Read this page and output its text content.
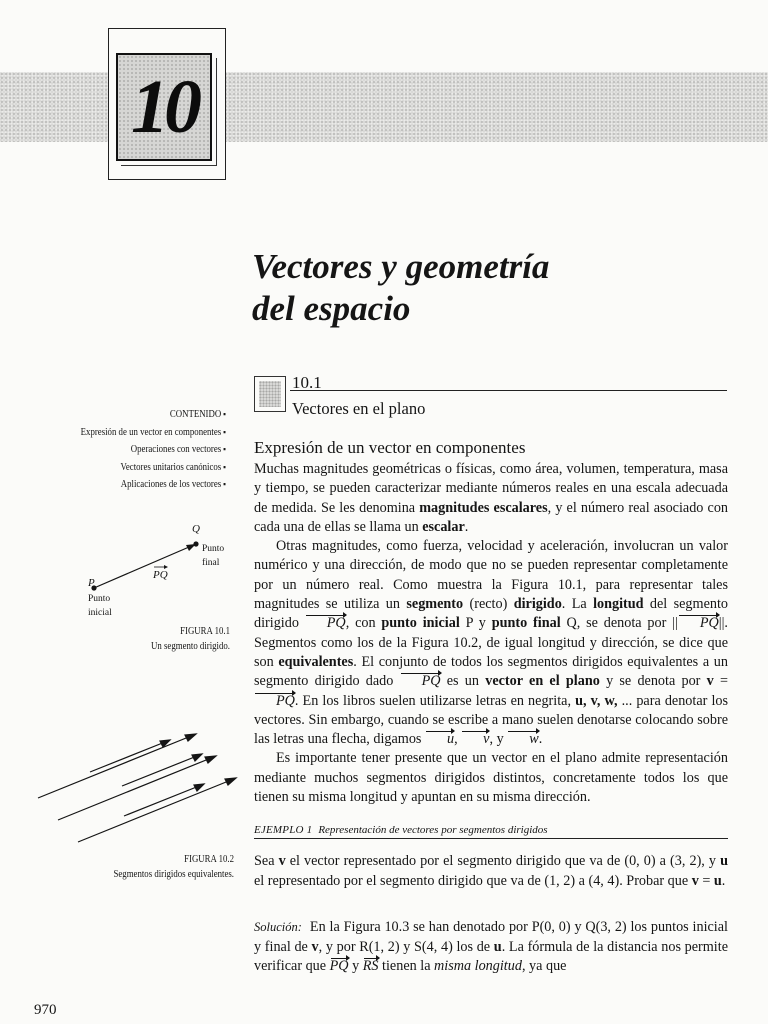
10
Vectores y geometría
del espacio
10.1
Vectores en el plano
Expresión de un vector en componentes
CONTENIDO ▪
Expresión de un vector en componentes ▪
Operaciones con vectores ▪
Vectores unitarios canónicos ▪
Aplicaciones de los vectores ▪
Q
P
PQ
Punto
final
Punto
inicial
FIGURA 10.1
Un segmento dirigido.
FIGURA 10.2
Segmentos dirigidos equivalentes.

Muchas magnitudes geométricas o físicas, como área, volumen, temperatura, masa y tiempo, se pueden caracterizar mediante números reales en una escala adecuada de medida. Se les denomina magnitudes escalares, y el número real asociado con cada una de ellas se llama un escalar.

Otras magnitudes, como fuerza, velocidad y aceleración, involucran un valor numérico y una dirección, de modo que no se pueden representar completamente por un número real. Como muestra la Figura 10.1, para representar tales magnitudes se utiliza un segmento (recto) dirigido. La longitud del segmento dirigido PQ, con punto inicial P y punto final Q, se denota por || PQ||. Segmentos como los de la Figura 10.2, de igual longitud y dirección, se dice que son equivalentes. El conjunto de todos los segmentos dirigidos equivalentes a un segmento dirigido dado PQ es un vector en el plano y se denota por v = PQ. En los libros suelen utilizarse letras en negrita, u, v, w, ... para denotar los vectores. Sin embargo, cuando se escribe a mano suelen denotarse colocando sobre las letras una flecha, digamos u, v, y w.

Es importante tener presente que un vector en el plano admite representación mediante muchos segmentos dirigidos distintos, concretamente todos los que tienen su misma longitud y apuntan en su misma dirección.

EJEMPLO 1 Representación de vectores por segmentos dirigidos

Sea v el vector representado por el segmento dirigido que va de (0, 0) a (3, 2), y u el representado por el segmento dirigido que va de (1, 2) a (4, 4). Probar que v = u.

Solución: En la Figura 10.3 se han denotado por P(0, 0) y Q(3, 2) los puntos inicial y final de v, y por R(1, 2) y S(4, 4) los de u. La fórmula de la distancia nos permite verificar que PQ y RS tienen la misma longitud, ya que

970
